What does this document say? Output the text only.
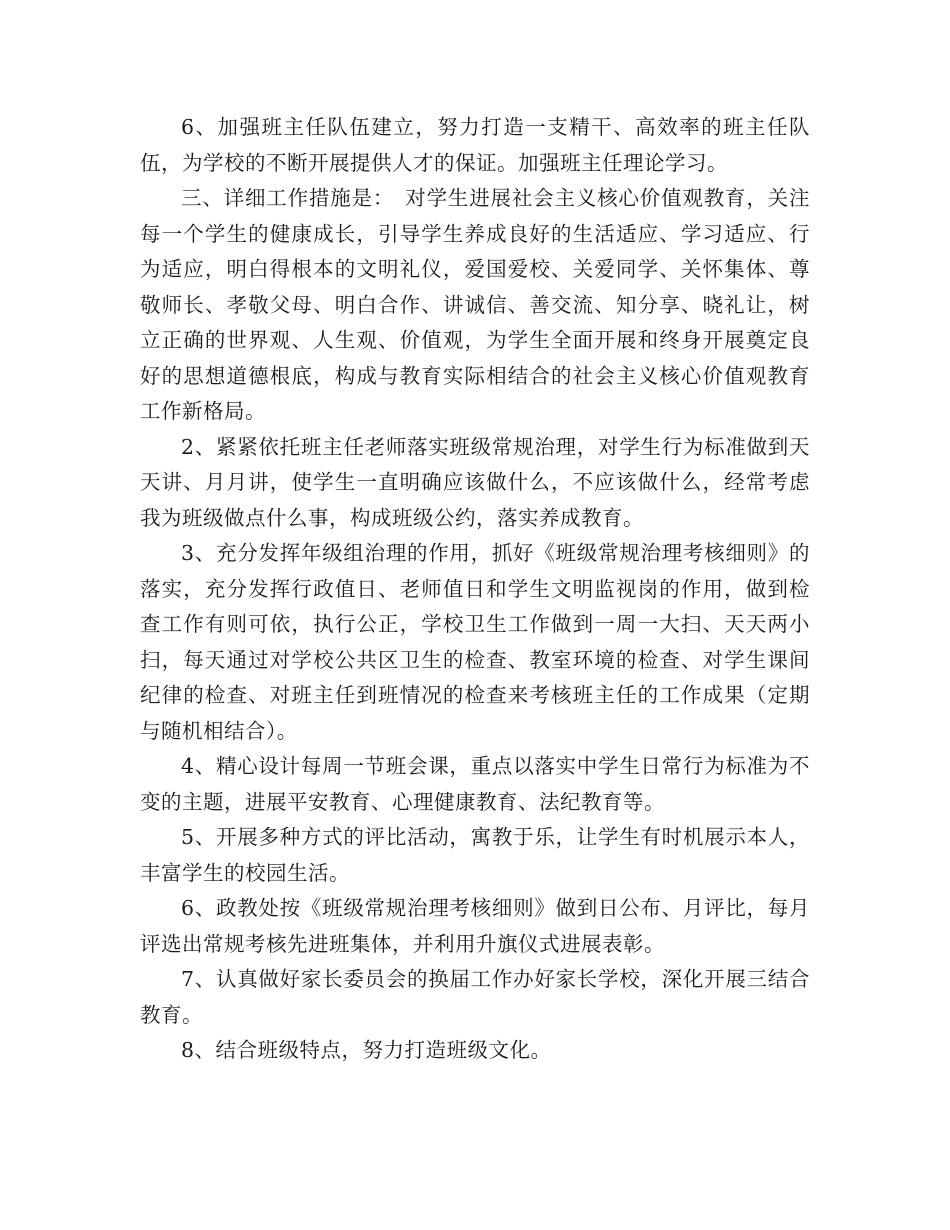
6、加强班主任队伍建立，努力打造一支精干、高效率的班主任队伍，为学校的不断开展提供人才的保证。加强班主任理论学习。

三、详细工作措施是：　对学生进展社会主义核心价值观教育，关注每一个学生的健康成长，引导学生养成良好的生活适应、学习适应、行为适应，明白得根本的文明礼仪，爱国爱校、关爱同学、关怀集体、尊敬师长、孝敬父母、明白合作、讲诚信、善交流、知分享、晓礼让，树立正确的世界观、人生观、价值观，为学生全面开展和终身开展奠定良好的思想道德根底，构成与教育实际相结合的社会主义核心价值观教育工作新格局。

2、紧紧依托班主任老师落实班级常规治理，对学生行为标准做到天天讲、月月讲，使学生一直明确应该做什么，不应该做什么，经常考虑我为班级做点什么事，构成班级公约，落实养成教育。

3、充分发挥年级组治理的作用，抓好《班级常规治理考核细则》的落实，充分发挥行政值日、老师值日和学生文明监视岗的作用，做到检查工作有则可依，执行公正，学校卫生工作做到一周一大扫、天天两小扫，每天通过对学校公共区卫生的检查、教室环境的检查、对学生课间纪律的检查、对班主任到班情况的检查来考核班主任的工作成果（定期与随机相结合）。

4、精心设计每周一节班会课，重点以落实中学生日常行为标准为不变的主题，进展平安教育、心理健康教育、法纪教育等。

5、开展多种方式的评比活动，寓教于乐，让学生有时机展示本人，丰富学生的校园生活。

6、政教处按《班级常规治理考核细则》做到日公布、月评比，每月评选出常规考核先进班集体，并利用升旗仪式进展表彰。

7、认真做好家长委员会的换届工作办好家长学校，深化开展三结合教育。

8、结合班级特点，努力打造班级文化。
